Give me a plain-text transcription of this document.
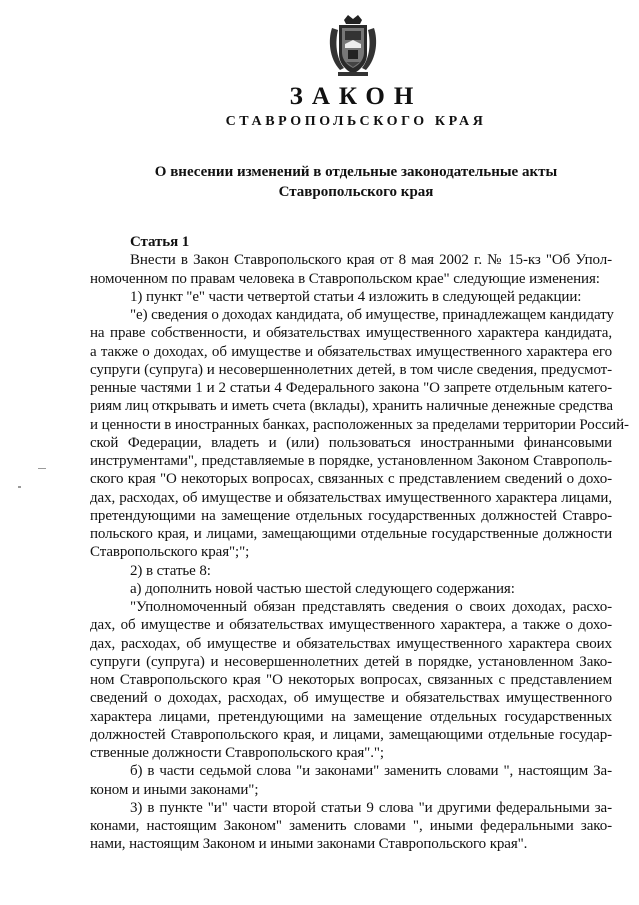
ЗАКОН
СТАВРОПОЛЬСКОГО КРАЯ
О внесении изменений в отдельные законодательные акты
Ставропольского края
Статья 1
Внести в Закон Ставропольского края от 8 мая 2002 г. № 15-кз "Об Упол-
номоченном по правам человека в Ставропольском крае" следующие изменения:
1) пункт "е" части четвертой статьи 4 изложить в следующей редакции:
"е) сведения о доходах кандидата, об имуществе, принадлежащем кандидату
на праве собственности, и обязательствах имущественного характера кандидата,
а также о доходах, об имуществе и обязательствах имущественного характера его
супруги (супруга) и несовершеннолетних детей, в том числе сведения, предусмот-
ренные частями 1 и 2 статьи 4 Федерального закона "О запрете отдельным катего-
риям лиц открывать и иметь счета (вклады), хранить наличные денежные средства
и ценности в иностранных банках, расположенных за пределами территории Россий-
ской Федерации, владеть и (или) пользоваться иностранными финансовыми
инструментами", представляемые в порядке, установленном Законом Ставрополь-
ского края "О некоторых вопросах, связанных с представлением сведений о дохо-
дах, расходах, об имуществе и обязательствах имущественного характера лицами,
претендующими на замещение отдельных государственных должностей Ставро-
польского края, и лицами, замещающими отдельные государственные должности
Ставропольского края";";
2) в статье 8:
а) дополнить новой частью шестой следующего содержания:
"Уполномоченный обязан представлять сведения о своих доходах, расхо-
дах, об имуществе и обязательствах имущественного характера, а также о дохо-
дах, расходах, об имуществе и обязательствах имущественного характера своих
супруги (супруга) и несовершеннолетних детей в порядке, установленном Зако-
ном Ставропольского края "О некоторых вопросах, связанных с представлением
сведений о доходах, расходах, об имуществе и обязательствах имущественного
характера лицами, претендующими на замещение отдельных государственных
должностей Ставропольского края, и лицами, замещающими отдельные государ-
ственные должности Ставропольского края".";
б) в части седьмой слова "и законами" заменить словами ", настоящим За-
коном и иными законами";
3) в пункте "и" части второй статьи 9 слова "и другими федеральными за-
конами, настоящим Законом" заменить словами ", иными федеральными зако-
нами, настоящим Законом и иными законами Ставропольского края".
